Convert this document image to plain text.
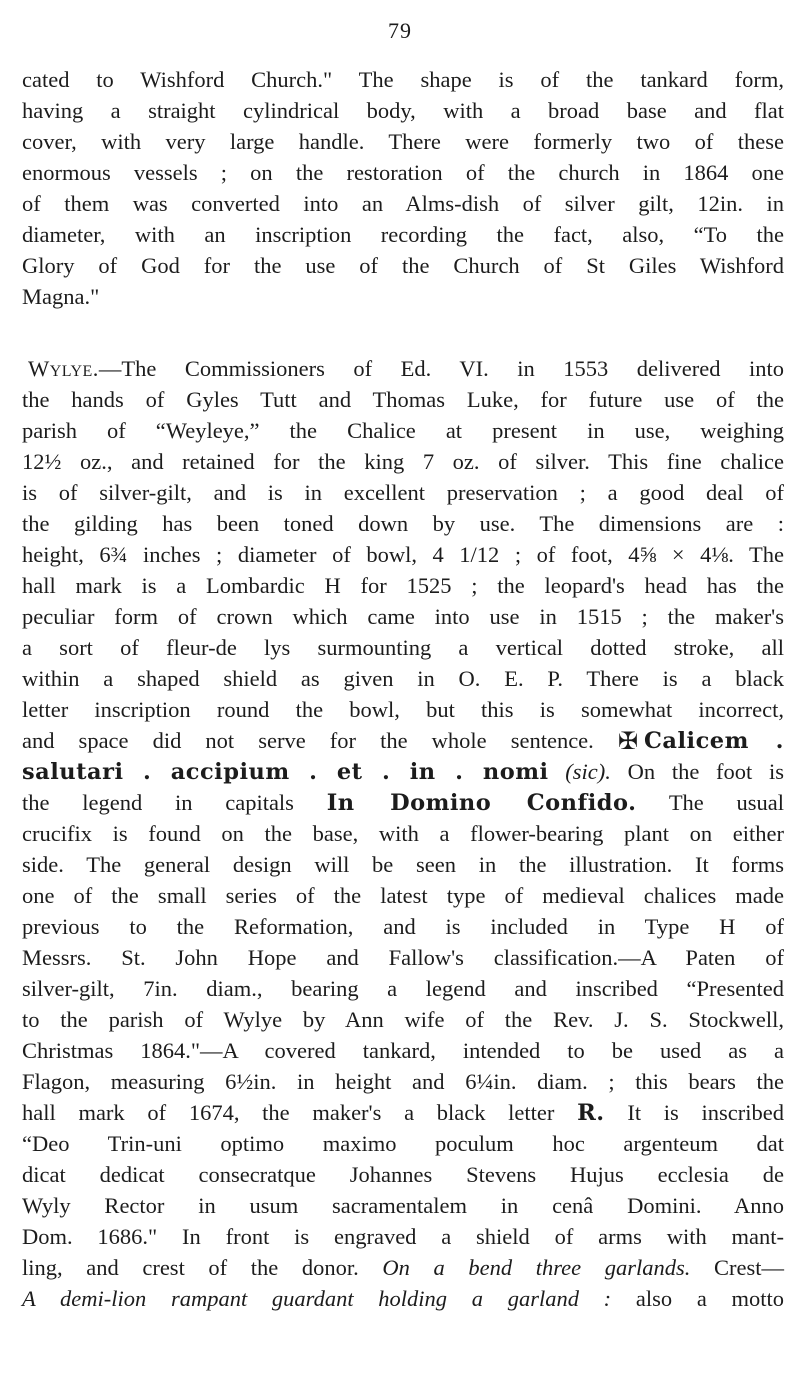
79
cated to Wishford Church." The shape is of the tankard form,
having a straight cylindrical body, with a broad base and flat
cover, with very large handle. There were formerly two of these
enormous vessels ; on the restoration of the church in 1864 one
of them was converted into an Alms-dish of silver gilt, 12in. in
diameter, with an inscription recording the fact, also, “To the
Glory of God for the use of the Church of St Giles Wishford
Magna."
Wylye.—The Commissioners of Ed. VI. in 1553 delivered into
the hands of Gyles Tutt and Thomas Luke, for future use of the
parish of “Weyleye,” the Chalice at present in use, weighing
12½ oz., and retained for the king 7 oz. of silver. This fine chalice
is of silver-gilt, and is in excellent preservation ; a good deal of
the gilding has been toned down by use. The dimensions are :
height, 6¾ inches ; diameter of bowl, 4 1/12 ; of foot, 4⅝ × 4⅛. The
hall mark is a Lombardic H for 1525 ; the leopard's head has the
peculiar form of crown which came into use in 1515 ; the maker's
a sort of fleur-de lys surmounting a vertical dotted stroke, all
within a shaped shield as given in O. E. P. There is a black
letter inscription round the bowl, but this is somewhat incorrect,
and space did not serve for the whole sentence. ✠ Calicem .
salutari . accipium . et . in . nomi (sic). On the foot is
the legend in capitals In Domino Confido. The usual
crucifix is found on the base, with a flower-bearing plant on either
side. The general design will be seen in the illustration. It forms
one of the small series of the latest type of medieval chalices made
previous to the Reformation, and is included in Type H of
Messrs. St. John Hope and Fallow's classification.—A Paten of
silver-gilt, 7in. diam., bearing a legend and inscribed “Presented
to the parish of Wylye by Ann wife of the Rev. J. S. Stockwell,
Christmas 1864."—A covered tankard, intended to be used as a
Flagon, measuring 6½in. in height and 6¼in. diam. ; this bears the
hall mark of 1674, the maker's a black letter R. It is inscribed
“Deo Trin-uni optimo maximo poculum hoc argenteum dat
dicat dedicat consecratque Johannes Stevens Hujus ecclesia de
Wyly Rector in usum sacramentalem in cenâ Domini. Anno
Dom. 1686." In front is engraved a shield of arms with mant-
ling, and crest of the donor. On a bend three garlands. Crest—
A demi-lion rampant guardant holding a garland : also a motto
